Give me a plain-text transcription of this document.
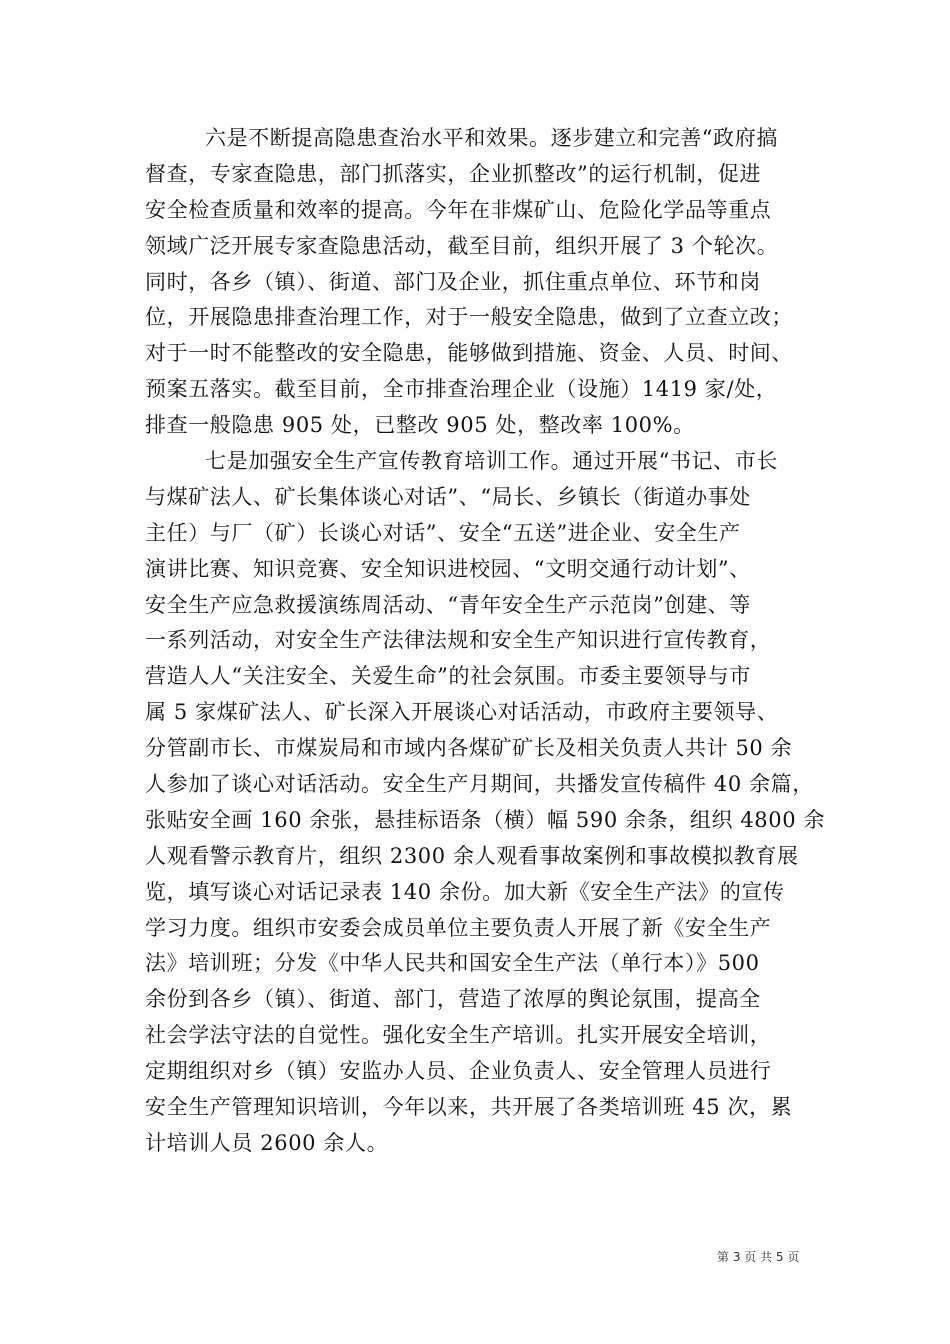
六是不断提高隐患查治水平和效果。逐步建立和完善“政府搞
督查，专家查隐患，部门抓落实，企业抓整改”的运行机制，促进
安全检查质量和效率的提高。今年在非煤矿山、危险化学品等重点
领域广泛开展专家查隐患活动，截至目前，组织开展了 3 个轮次。
同时，各乡（镇）、街道、部门及企业，抓住重点单位、环节和岗
位，开展隐患排查治理工作，对于一般安全隐患，做到了立查立改；
对于一时不能整改的安全隐患，能够做到措施、资金、人员、时间、
预案五落实。截至目前，全市排查治理企业（设施）1419 家/处，
排查一般隐患 905 处，已整改 905 处，整改率 100%。
七是加强安全生产宣传教育培训工作。通过开展“书记、市长
与煤矿法人、矿长集体谈心对话”、“局长、乡镇长（街道办事处
主任）与厂（矿）长谈心对话”、安全“五送”进企业、安全生产
演讲比赛、知识竞赛、安全知识进校园、“文明交通行动计划”、
安全生产应急救援演练周活动、“青年安全生产示范岗”创建、等
一系列活动，对安全生产法律法规和安全生产知识进行宣传教育，
营造人人“关注安全、关爱生命”的社会氛围。市委主要领导与市
属 5 家煤矿法人、矿长深入开展谈心对话活动，市政府主要领导、
分管副市长、市煤炭局和市域内各煤矿矿长及相关负责人共计 50 余
人参加了谈心对话活动。安全生产月期间，共播发宣传稿件 40 余篇，
张贴安全画 160 余张，悬挂标语条（横）幅 590 余条，组织 4800 余
人观看警示教育片，组织 2300 余人观看事故案例和事故模拟教育展
览，填写谈心对话记录表 140 余份。加大新《安全生产法》的宣传
学习力度。组织市安委会成员单位主要负责人开展了新《安全生产
法》培训班；分发《中华人民共和国安全生产法（单行本）》500
余份到各乡（镇）、街道、部门，营造了浓厚的舆论氛围，提高全
社会学法守法的自觉性。强化安全生产培训。扎实开展安全培训，
定期组织对乡（镇）安监办人员、企业负责人、安全管理人员进行
安全生产管理知识培训，今年以来，共开展了各类培训班 45 次，累
计培训人员 2600 余人。
第 3 页 共 5 页
